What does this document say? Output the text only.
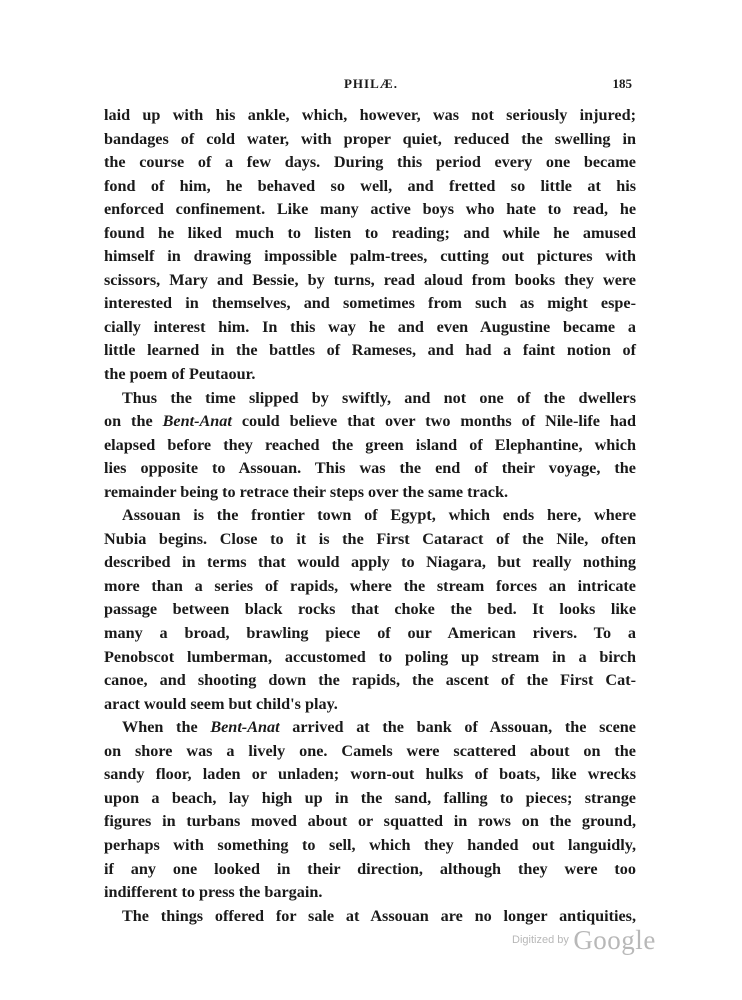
PHILÆ.	185
laid up with his ankle, which, however, was not seriously injured;
bandages of cold water, with proper quiet, reduced the swelling in
the course of a few days. During this period every one became
fond of him, he behaved so well, and fretted so little at his
enforced confinement. Like many active boys who hate to read, he
found he liked much to listen to reading; and while he amused
himself in drawing impossible palm-trees, cutting out pictures with
scissors, Mary and Bessie, by turns, read aloud from books they were
interested in themselves, and sometimes from such as might espe-
cially interest him. In this way he and even Augustine became a
little learned in the battles of Rameses, and had a faint notion of
the poem of Peutaour.
Thus the time slipped by swiftly, and not one of the dwellers
on the Bent-Anat could believe that over two months of Nile-life had
elapsed before they reached the green island of Elephantine, which
lies opposite to Assouan. This was the end of their voyage, the
remainder being to retrace their steps over the same track.
Assouan is the frontier town of Egypt, which ends here, where
Nubia begins. Close to it is the First Cataract of the Nile, often
described in terms that would apply to Niagara, but really nothing
more than a series of rapids, where the stream forces an intricate
passage between black rocks that choke the bed. It looks like
many a broad, brawling piece of our American rivers. To a
Penobscot lumberman, accustomed to poling up stream in a birch
canoe, and shooting down the rapids, the ascent of the First Cat-
aract would seem but child's play.
When the Bent-Anat arrived at the bank of Assouan, the scene
on shore was a lively one. Camels were scattered about on the
sandy floor, laden or unladen; worn-out hulks of boats, like wrecks
upon a beach, lay high up in the sand, falling to pieces; strange
figures in turbans moved about or squatted in rows on the ground,
perhaps with something to sell, which they handed out languidly,
if any one looked in their direction, although they were too
indifferent to press the bargain.
The things offered for sale at Assouan are no longer antiquities,
$^{Digitized by}$ Google
